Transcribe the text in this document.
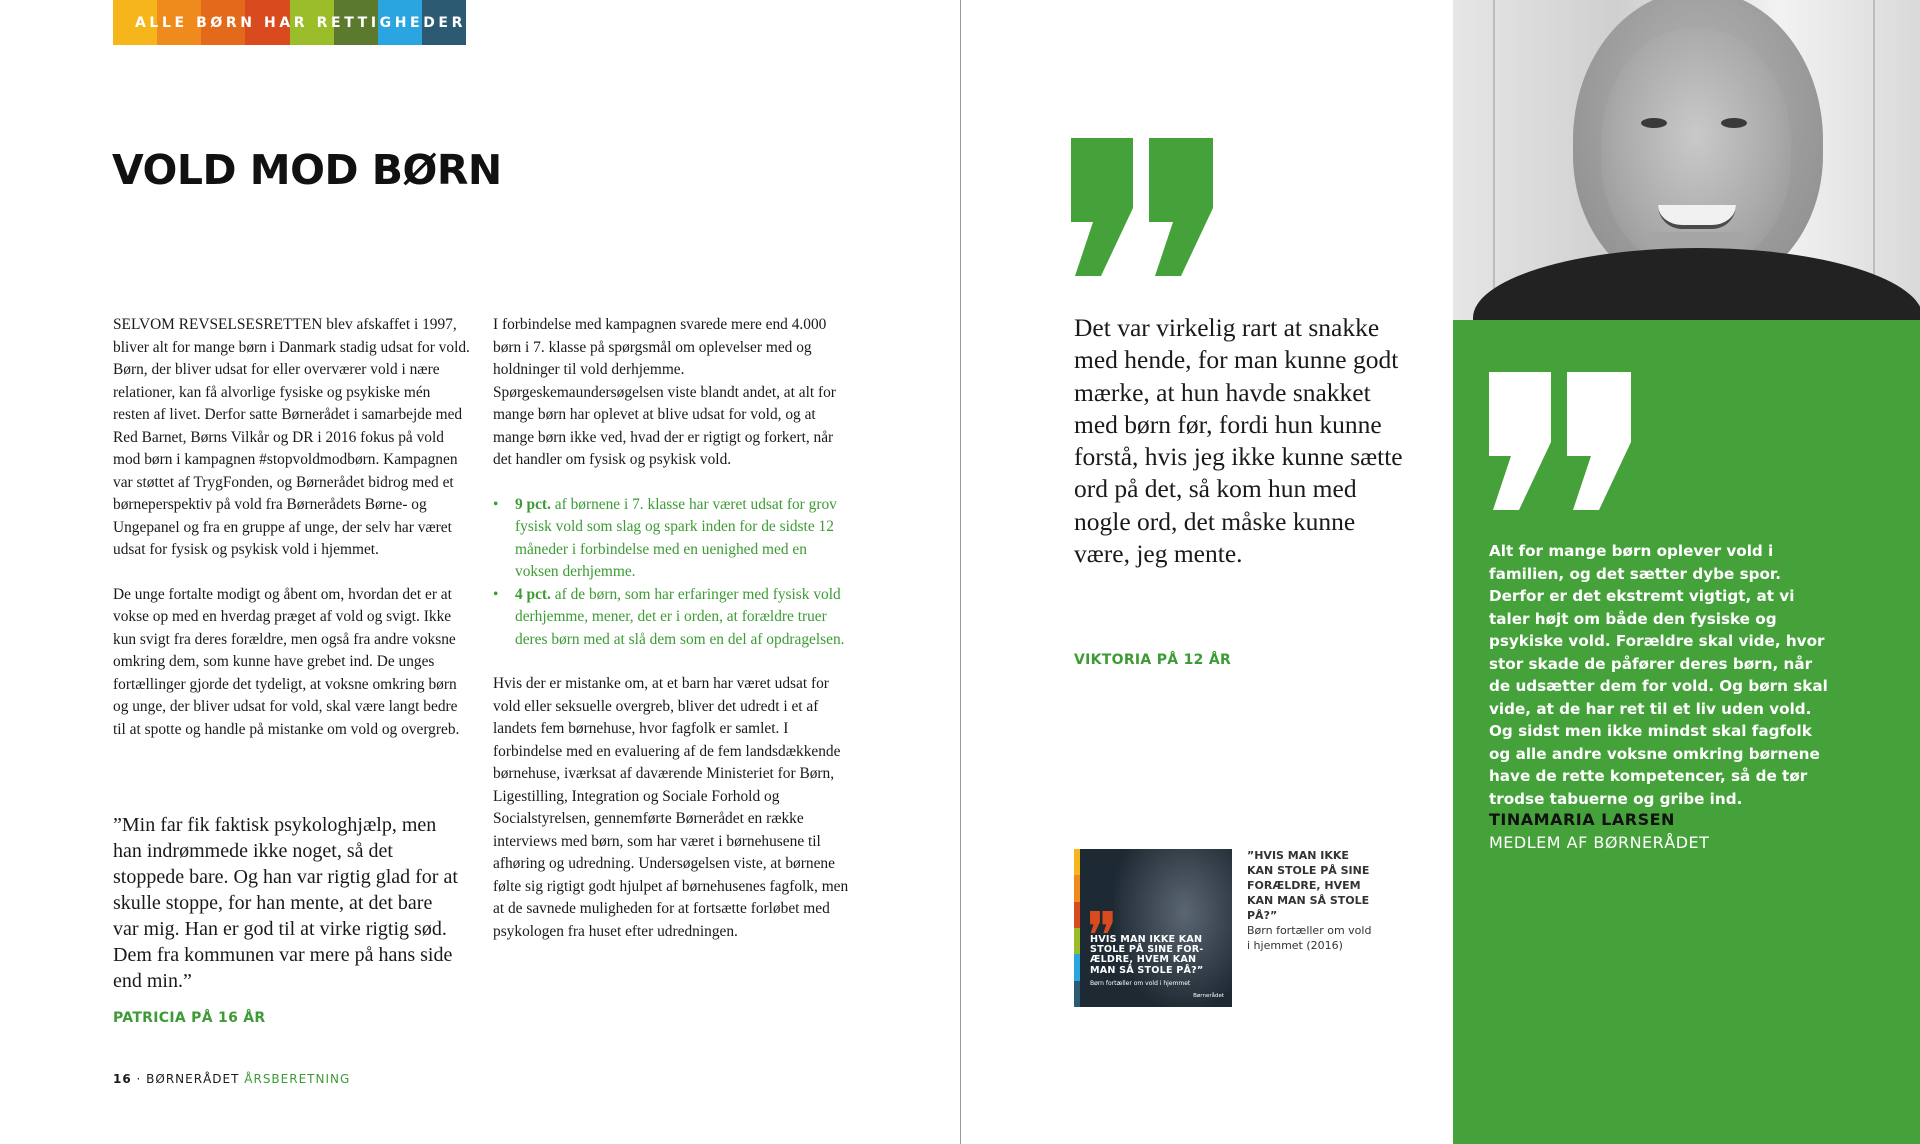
ALLE BØRN HAR RETTIGHEDER
VOLD MOD BØRN

SELVOM REVSELSESRETTEN blev afskaffet i 1997, bliver alt for mange børn i Danmark stadig udsat for vold. Børn, der bliver udsat for eller overværer vold i nære relationer, kan få alvorlige fysiske og psykiske mén resten af livet. Derfor satte Børnerådet i samarbejde med Red Barnet, Børns Vilkår og DR i 2016 fokus på vold mod børn i kampagnen #stopvoldmodbørn. Kampagnen var støttet af TrygFonden, og Børnerådet bidrog med et børneperspektiv på vold fra Børnerådets Børne- og Ungepanel og fra en gruppe af unge, der selv har været udsat for fysisk og psykisk vold i hjemmet.

De unge fortalte modigt og åbent om, hvordan det er at vokse op med en hverdag præget af vold og svigt. Ikke kun svigt fra deres forældre, men også fra andre voksne omkring dem, som kunne have grebet ind. De unges fortællinger gjorde det tydeligt, at voksne omkring børn og unge, der bliver udsat for vold, skal være langt bedre til at spotte og handle på mistanke om vold og overgreb.

”Min far fik faktisk psykologhjælp, men han indrømmede ikke noget, så det stoppede bare. Og han var rigtig glad for at skulle stoppe, for han mente, at det bare var mig. Han er god til at virke rigtig sød. Dem fra kommunen var mere på hans side end min.”
PATRICIA PÅ 16 ÅR

I forbindelse med kampagnen svarede mere end 4.000 børn i 7. klasse på spørgsmål om oplevelser med og holdninger til vold derhjemme. Spørgeskemaundersøgelsen viste blandt andet, at alt for mange børn har oplevet at blive udsat for vold, og at mange børn ikke ved, hvad der er rigtigt og forkert, når det handler om fysisk og psykisk vold.

• 9 pct. af børnene i 7. klasse har været udsat for grov fysisk vold som slag og spark inden for de sidste 12 måneder i forbindelse med en uenighed med en voksen derhjemme.
• 4 pct. af de børn, som har erfaringer med fysisk vold derhjemme, mener, det er i orden, at forældre truer deres børn med at slå dem som en del af opdragelsen.

Hvis der er mistanke om, at et barn har været udsat for vold eller seksuelle overgreb, bliver det udredt i et af landets fem børnehuse, hvor fagfolk er samlet. I forbindelse med en evaluering af de fem landsdækkende børnehuse, iværksat af daværende Ministeriet for Børn, Ligestilling, Integration og Sociale Forhold og Socialstyrelsen, gennemførte Børnerådet en række interviews med børn, som har været i børnehusene til afhøring og udredning. Undersøgelsen viste, at børnene følte sig rigtigt godt hjulpet af børnehusenes fagfolk, men at de savnede muligheden for at fortsætte forløbet med psykologen fra huset efter udredningen.

16 · BØRNERÅDET ÅRSBERETNING
Det var virkelig rart at snakke med hende, for man kunne godt mærke, at hun havde snakket med børn før, fordi hun kunne forstå, hvis jeg ikke kunne sætte ord på det, så kom hun med nogle ord, det måske kunne være, jeg mente.
VIKTORIA PÅ 12 ÅR
HVIS MAN IKKE KAN STOLE PÅ SINE FOR-ÆLDRE, HVEM KAN MAN SÅ STOLE PÅ?”
Børn fortæller om vold i hjemmet
Børnerådet
”HVIS MAN IKKE KAN STOLE PÅ SINE FORÆLDRE, HVEM KAN MAN SÅ STOLE PÅ?”
Børn fortæller om vold i hjemmet (2016)
Alt for mange børn oplever vold i familien, og det sætter dybe spor. Derfor er det ekstremt vigtigt, at vi taler højt om både den fysiske og psykiske vold. Forældre skal vide, hvor stor skade de påfører deres børn, når de udsætter dem for vold. Og børn skal vide, at de har ret til et liv uden vold. Og sidst men ikke mindst skal fagfolk og alle andre voksne omkring børnene have de rette kompetencer, så de tør trodse tabuerne og gribe ind.
TINAMARIA LARSEN
MEDLEM AF BØRNERÅDET
